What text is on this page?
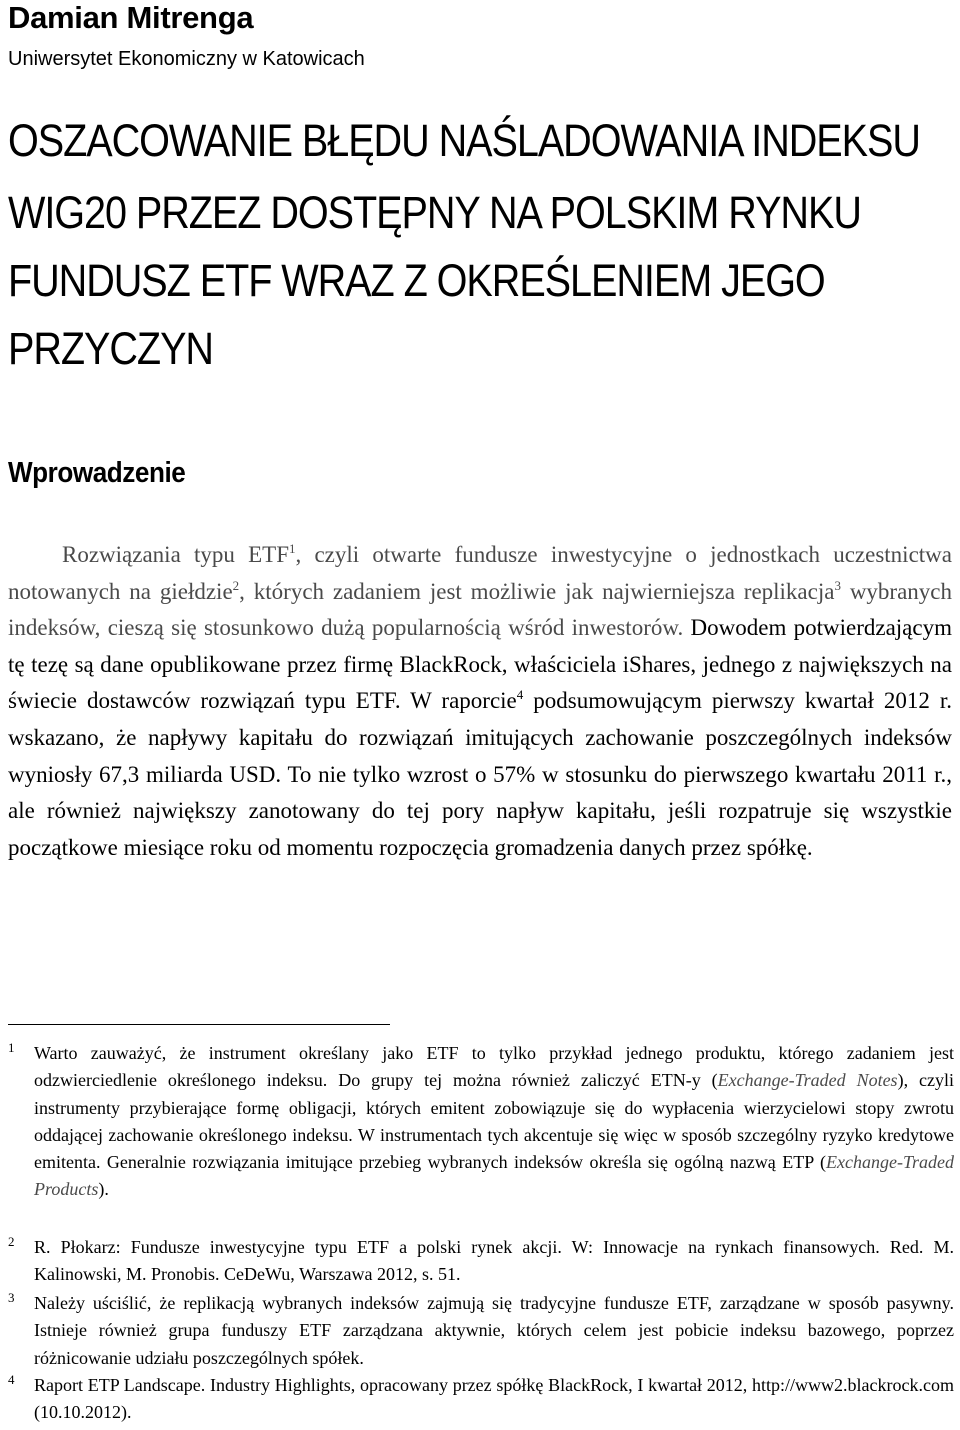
Damian Mitrenga
Uniwersytet Ekonomiczny w Katowicach
OSZACOWANIE BŁĘDU NAŚLADOWANIA INDEKSU
WIG20 PRZEZ DOSTĘPNY NA POLSKIM RYNKU
FUNDUSZ ETF WRAZ Z OKREŚLENIEM JEGO
PRZYCZYN
Wprowadzenie

Rozwiązania typu ETF$^1$, czyli otwarte fundusze inwestycyjne o jednostkach uczestnictwa notowanych na giełdzie$^2$, których zadaniem jest możliwie jak najwierniejsza replikacja$^3$ wybranych indeksów, cieszą się stosunkowo dużą popularnością wśród inwestorów. Dowodem potwierdzającym tę tezę są dane opublikowane przez firmę BlackRock, właściciela iShares, jednego z największych na świecie dostawców rozwiązań typu ETF. W raporcie$^4$ podsumowującym pierwszy kwartał 2012 r. wskazano, że napływy kapitału do rozwiązań imitujących zachowanie poszczególnych indeksów wyniosły 67,3 miliarda USD. To nie tylko wzrost o 57% w stosunku do pierwszego kwartału 2011 r., ale również największy zanotowany do tej pory napływ kapitału, jeśli rozpatruje się wszystkie początkowe miesiące roku od momentu rozpoczęcia gromadzenia danych przez spółkę.

1 Warto zauważyć, że instrument określany jako ETF to tylko przykład jednego produktu, którego zadaniem jest odzwierciedlenie określonego indeksu. Do grupy tej można również zaliczyć ETN-y (Exchange-Traded Notes), czyli instrumenty przybierające formę obligacji, których emitent zobowiązuje się do wypłacenia wierzycielowi stopy zwrotu oddającej zachowanie określonego indeksu. W instrumentach tych akcentuje się więc w sposób szczególny ryzyko kredytowe emitenta. Generalnie rozwiązania imitujące przebieg wybranych indeksów określa się ogólną nazwą ETP (Exchange-Traded Products).
2 R. Płokarz: Fundusze inwestycyjne typu ETF a polski rynek akcji. W: Innowacje na rynkach finansowych. Red. M. Kalinowski, M. Pronobis. CeDeWu, Warszawa 2012, s. 51.
3 Należy uściślić, że replikacją wybranych indeksów zajmują się tradycyjne fundusze ETF, zarządzane w sposób pasywny. Istnieje również grupa funduszy ETF zarządzana aktywnie, których celem jest pobicie indeksu bazowego, poprzez różnicowanie udziału poszczególnych spółek.
4 Raport ETP Landscape. Industry Highlights, opracowany przez spółkę BlackRock, I kwartał 2012, http://www2.blackrock.com (10.10.2012).
